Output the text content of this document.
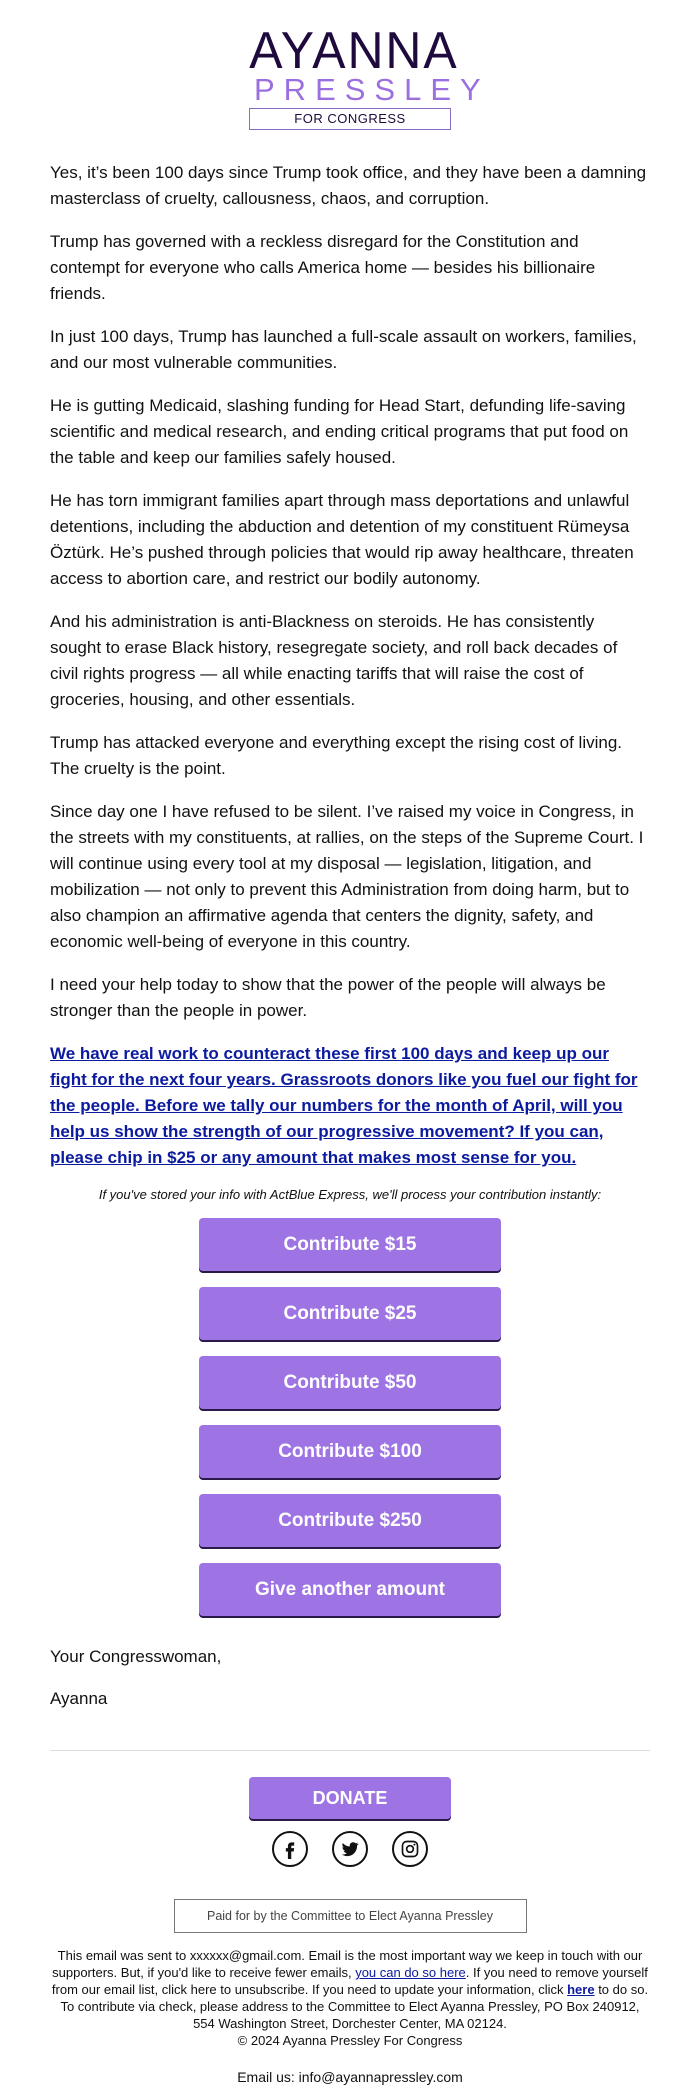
AYANNA
PRESSLEY
FOR CONGRESS

Yes, it’s been 100 days since Trump took office, and they have been a damning masterclass of cruelty, callousness, chaos, and corruption.

Trump has governed with a reckless disregard for the Constitution and contempt for everyone who calls America home — besides his billionaire friends.

In just 100 days, Trump has launched a full-scale assault on workers, families, and our most vulnerable communities.

He is gutting Medicaid, slashing funding for Head Start, defunding life-saving scientific and medical research, and ending critical programs that put food on the table and keep our families safely housed.

He has torn immigrant families apart through mass deportations and unlawful detentions, including the abduction and detention of my constituent Rümeysa Öztürk. He’s pushed through policies that would rip away healthcare, threaten access to abortion care, and restrict our bodily autonomy.

And his administration is anti-Blackness on steroids. He has consistently sought to erase Black history, resegregate society, and roll back decades of civil rights progress — all while enacting tariffs that will raise the cost of groceries, housing, and other essentials.

Trump has attacked everyone and everything except the rising cost of living. The cruelty is the point.

Since day one I have refused to be silent. I’ve raised my voice in Congress, in the streets with my constituents, at rallies, on the steps of the Supreme Court. I will continue using every tool at my disposal — legislation, litigation, and mobilization — not only to prevent this Administration from doing harm, but to also champion an affirmative agenda that centers the dignity, safety, and economic well-being of everyone in this country.

I need your help today to show that the power of the people will always be stronger than the people in power.

We have real work to counteract these first 100 days and keep up our fight for the next four years. Grassroots donors like you fuel our fight for the people. Before we tally our numbers for the month of April, will you help us show the strength of our progressive movement? If you can, please chip in $25 or any amount that makes most sense for you.

If you've stored your info with ActBlue Express, we'll process your contribution instantly:

Contribute $15
Contribute $25
Contribute $50
Contribute $100
Contribute $250
Give another amount

Your Congresswoman,

Ayanna

DONATE
Paid for by the Committee to Elect Ayanna Pressley

This email was sent to xxxxxx@gmail.com. Email is the most important way we keep in touch with our supporters. But, if you'd like to receive fewer emails, you can do so here. If you need to remove yourself from our email list, click here to unsubscribe. If you need to update your information, click here to do so. To contribute via check, please address to the Committee to Elect Ayanna Pressley, PO Box 240912, 554 Washington Street, Dorchester Center, MA 02124.
© 2024 Ayanna Pressley For Congress

Email us: info@ayannapressley.com
